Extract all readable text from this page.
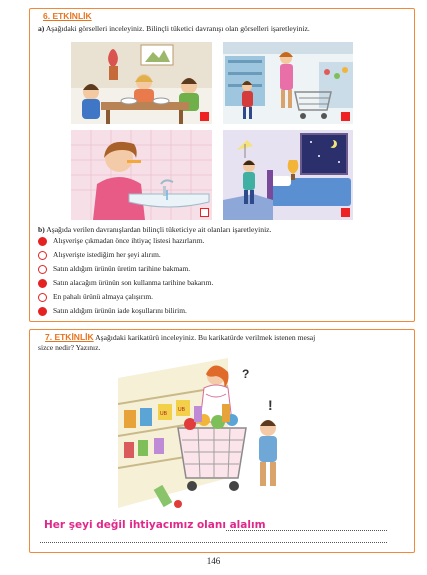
6. ETKİNLİK
a) Aşağıdaki görselleri inceleyiniz. Bilinçli tüketici davranışı olan görselleri işaretleyiniz.
b) Aşağıda verilen davranışlardan bilinçli tüketiciye ait olanları işaretleyiniz.
Alışverişe çıkmadan önce ihtiyaç listesi hazırlarım.
Alışverişte istediğim her şeyi alırım.
Satın aldığım ürünün üretim tarihine bakmam.
Satın alacağım ürünün son kullanma tarihine bakarım.
En pahalı ürünü almaya çalışırım.
Satın aldığım ürünün iade koşullarını bilirim.
7. ETKİNLİK Aşağıdaki karikatürü inceleyiniz. Bu karikatürde verilmek istenen mesaj
sizce nedir? Yazınız.
UB
UB	!
?
Her şeyi değil ihtiyacımız olanı alalım
146
